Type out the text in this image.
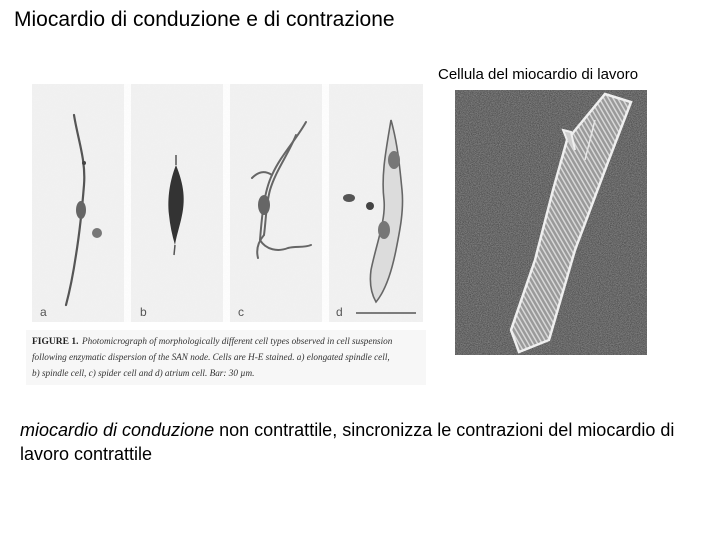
Miocardio di conduzione e di contrazione
Cellula del miocardio di lavoro
a	b	c	d
FIGURE 1. Photomicrograph of morphologically different cell types observed in cell suspension
following enzymatic dispersion of the SAN node. Cells are H-E stained. a) elongated spindle cell,
b) spindle cell, c) spider cell and d) atrium cell. Bar: 30 µm.
miocardio di conduzione non contrattile, sincronizza le contrazioni del miocardio di lavoro contrattile
